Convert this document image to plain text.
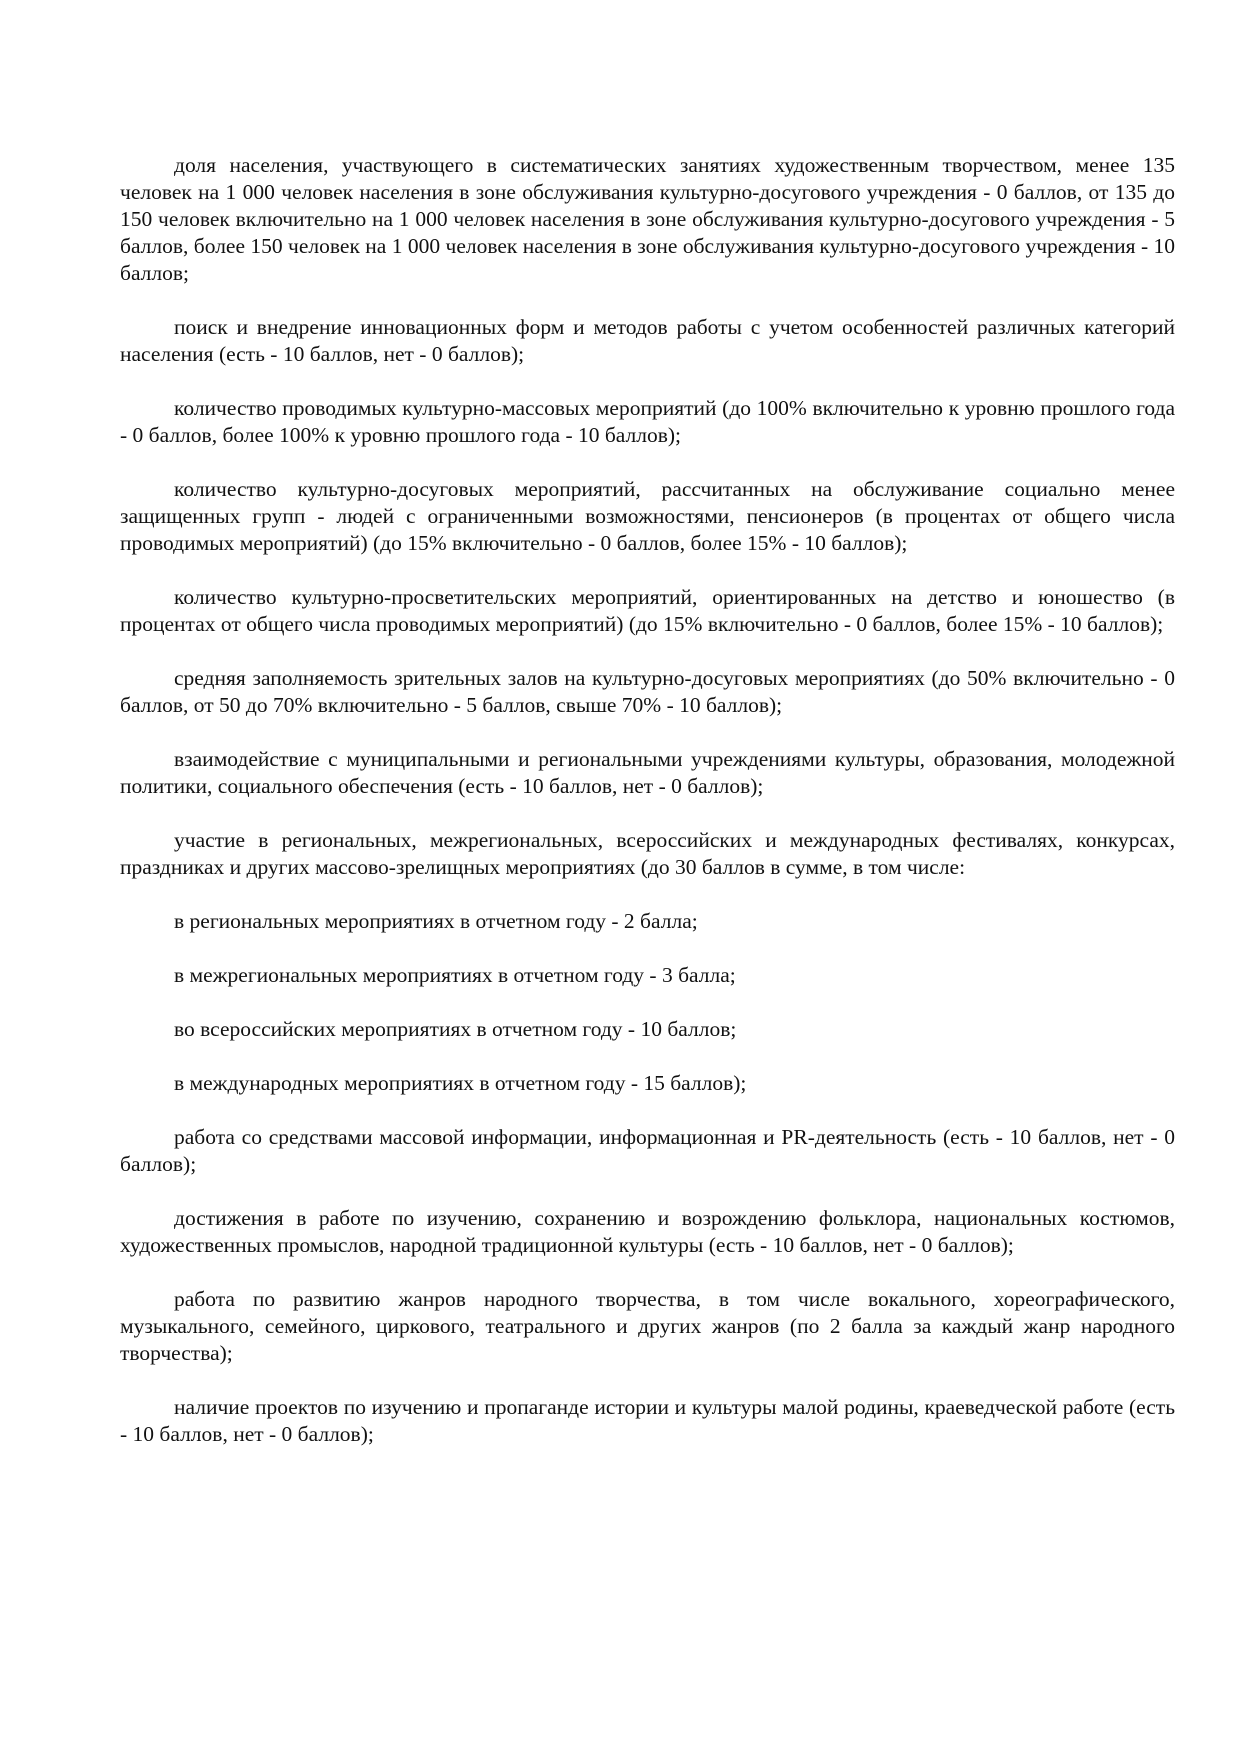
доля населения, участвующего в систематических занятиях художественным творчеством, менее 135 человек на 1 000 человек населения в зоне обслуживания культурно-досугового учреждения - 0 баллов, от 135 до 150 человек включительно на 1 000 человек населения в зоне обслуживания культурно-досугового учреждения - 5 баллов, более 150 человек на 1 000 человек населения в зоне обслуживания культурно-досугового учреждения - 10 баллов;

поиск и внедрение инновационных форм и методов работы с учетом особенностей различных категорий населения (есть - 10 баллов, нет - 0 баллов);

количество проводимых культурно-массовых мероприятий (до 100% включительно к уровню прошлого года - 0 баллов, более 100% к уровню прошлого года - 10 баллов);

количество культурно-досуговых мероприятий, рассчитанных на обслуживание социально менее защищенных групп - людей с ограниченными возможностями, пенсионеров (в процентах от общего числа проводимых мероприятий) (до 15% включительно - 0 баллов, более 15% - 10 баллов);

количество культурно-просветительских мероприятий, ориентированных на детство и юношество (в процентах от общего числа проводимых мероприятий) (до 15% включительно - 0 баллов, более 15% - 10 баллов);

средняя заполняемость зрительных залов на культурно-досуговых мероприятиях (до 50% включительно - 0 баллов, от 50 до 70% включительно - 5 баллов, свыше 70% - 10 баллов);

взаимодействие с муниципальными и региональными учреждениями культуры, образования, молодежной политики, социального обеспечения (есть - 10 баллов, нет - 0 баллов);

участие в региональных, межрегиональных, всероссийских и международных фестивалях, конкурсах, праздниках и других массово-зрелищных мероприятиях (до 30 баллов в сумме, в том числе:

в региональных мероприятиях в отчетном году - 2 балла;

в межрегиональных мероприятиях в отчетном году - 3 балла;

во всероссийских мероприятиях в отчетном году - 10 баллов;

в международных мероприятиях в отчетном году - 15 баллов);

работа со средствами массовой информации, информационная и PR-деятельность (есть - 10 баллов, нет - 0 баллов);

достижения в работе по изучению, сохранению и возрождению фольклора, национальных костюмов, художественных промыслов, народной традиционной культуры (есть - 10 баллов, нет - 0 баллов);

работа по развитию жанров народного творчества, в том числе вокального, хореографического, музыкального, семейного, циркового, театрального и других жанров (по 2 балла за каждый жанр народного творчества);

наличие проектов по изучению и пропаганде истории и культуры малой родины, краеведческой работе (есть - 10 баллов, нет - 0 баллов);
